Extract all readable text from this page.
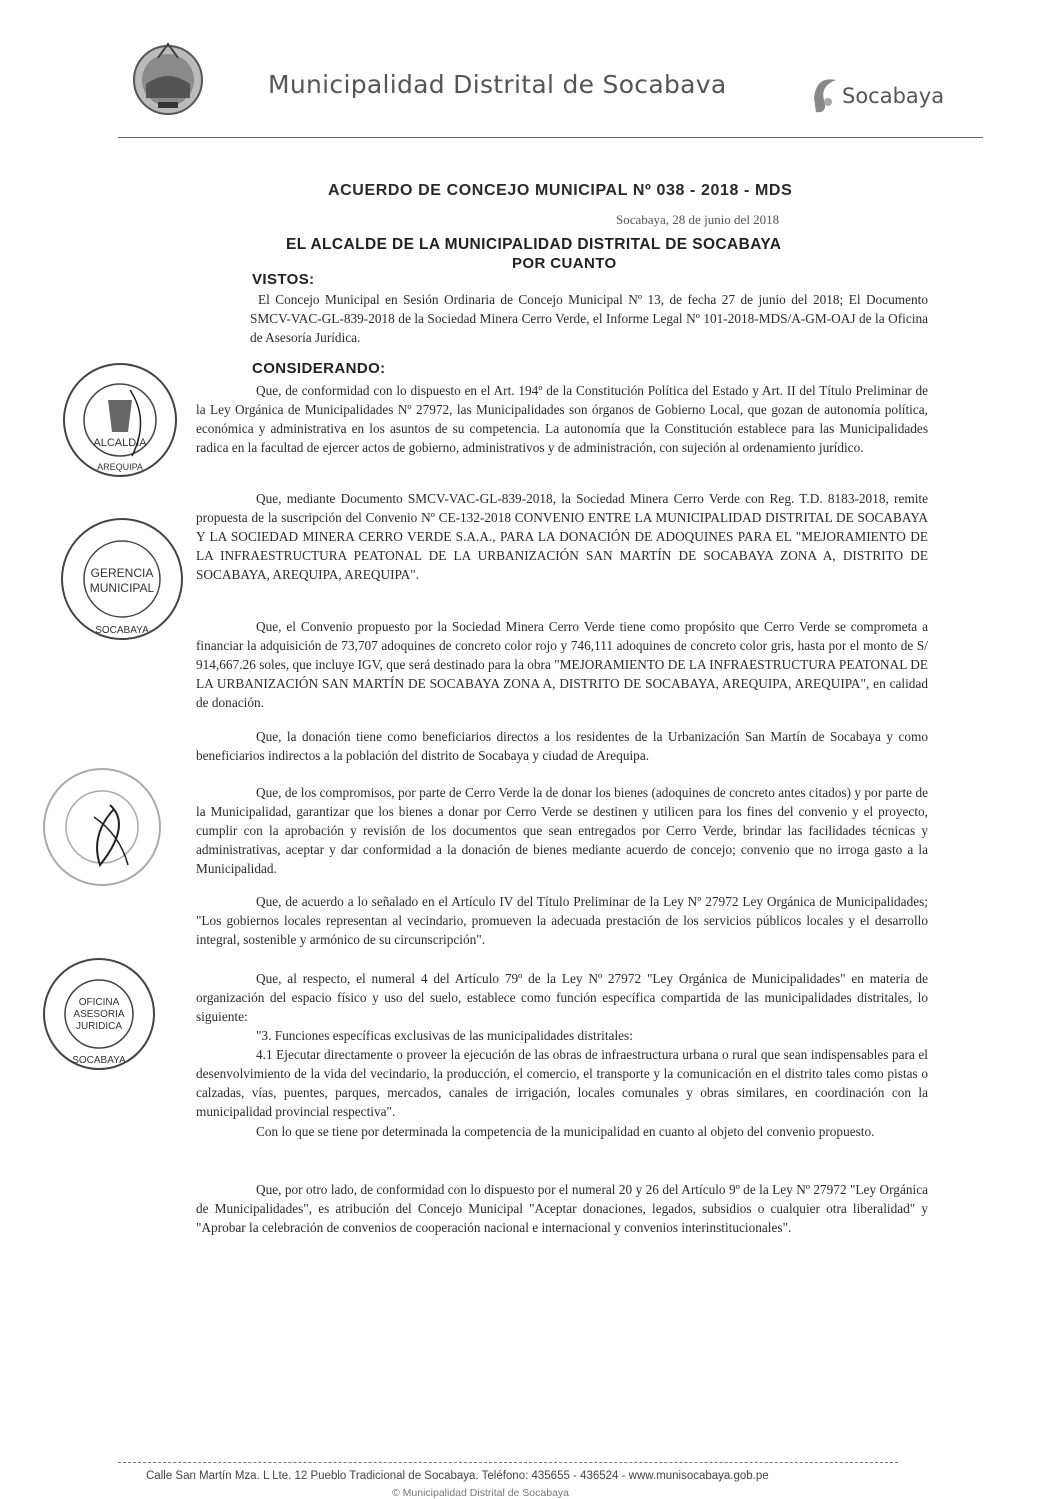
Municipalidad Distrital de Socabava	Socabaya
ACUERDO DE CONCEJO MUNICIPAL Nº 038 - 2018 - MDS
Socabaya, 28 de junio del 2018
EL ALCALDE DE LA MUNICIPALIDAD DISTRITAL DE SOCABAYA
POR CUANTO
VISTOS:
El Concejo Municipal en Sesión Ordinaria de Concejo Municipal Nº 13, de fecha 27 de junio del 2018; El Documento SMCV-VAC-GL-839-2018 de la Sociedad Minera Cerro Verde, el Informe Legal Nº 101-2018-MDS/A-GM-OAJ de la Oficina de Asesoría Jurídica.
CONSIDERANDO:
Que, de conformidad con lo dispuesto en el Art. 194º de la Constitución Política del Estado y Art. II del Título Preliminar de la Ley Orgánica de Municipalidades Nº 27972, las Municipalidades son órganos de Gobierno Local, que gozan de autonomía política, económica y administrativa en los asuntos de su competencia. La autonomía que la Constitución establece para las Municipalidades radica en la facultad de ejercer actos de gobierno, administrativos y de administración, con sujeción al ordenamiento jurídico.
Que, mediante Documento SMCV-VAC-GL-839-2018, la Sociedad Minera Cerro Verde con Reg. T.D. 8183-2018, remite propuesta de la suscripción del Convenio Nº CE-132-2018 CONVENIO ENTRE LA MUNICIPALIDAD DISTRITAL DE SOCABAYA Y LA SOCIEDAD MINERA CERRO VERDE S.A.A., PARA LA DONACIÓN DE ADOQUINES PARA EL "MEJORAMIENTO DE LA INFRAESTRUCTURA PEATONAL DE LA URBANIZACIÓN SAN MARTÍN DE SOCABAYA ZONA A, DISTRITO DE SOCABAYA, AREQUIPA, AREQUIPA".
Que, el Convenio propuesto por la Sociedad Minera Cerro Verde tiene como propósito que Cerro Verde se comprometa a financiar la adquisición de 73,707 adoquines de concreto color rojo y 746,111 adoquines de concreto color gris, hasta por el monto de S/ 914,667.26 soles, que incluye IGV, que será destinado para la obra "MEJORAMIENTO DE LA INFRAESTRUCTURA PEATONAL DE LA URBANIZACIÓN SAN MARTÍN DE SOCABAYA ZONA A, DISTRITO DE SOCABAYA, AREQUIPA, AREQUIPA", en calidad de donación.
Que, la donación tiene como beneficiarios directos a los residentes de la Urbanización San Martín de Socabaya y como beneficiarios indirectos a la población del distrito de Socabaya y ciudad de Arequipa.
Que, de los compromisos, por parte de Cerro Verde la de donar los bienes (adoquines de concreto antes citados) y por parte de la Municipalidad, garantizar que los bienes a donar por Cerro Verde se destinen y utilicen para los fines del convenio y el proyecto, cumplir con la aprobación y revisión de los documentos que sean entregados por Cerro Verde, brindar las facilidades técnicas y administrativas, aceptar y dar conformidad a la donación de bienes mediante acuerdo de concejo; convenio que no irroga gasto a la Municipalidad.
Que, de acuerdo a lo señalado en el Artículo IV del Título Preliminar de la Ley Nº 27972 Ley Orgánica de Municipalidades; "Los gobiernos locales representan al vecindario, promueven la adecuada prestación de los servicios públicos locales y el desarrollo integral, sostenible y armónico de su circunscripción".
Que, al respecto, el numeral 4 del Artículo 79º de la Ley Nº 27972 "Ley Orgánica de Municipalidades" en materia de organización del espacio físico y uso del suelo, establece como función específica compartida de las municipalidades distritales, lo siguiente:
"3. Funciones específicas exclusivas de las municipalidades distritales:
4.1 Ejecutar directamente o proveer la ejecución de las obras de infraestructura urbana o rural que sean indispensables para el desenvolvimiento de la vida del vecindario, la producción, el comercio, el transporte y la comunicación en el distrito tales como pistas o calzadas, vías, puentes, parques, mercados, canales de irrigación, locales comunales y obras similares, en coordinación con la municipalidad provincial respectiva".
Con lo que se tiene por determinada la competencia de la municipalidad en cuanto al objeto del convenio propuesto.
Que, por otro lado, de conformidad con lo dispuesto por el numeral 20 y 26 del Artículo 9º de la Ley Nº 27972 "Ley Orgánica de Municipalidades", es atribución del Concejo Municipal "Aceptar donaciones, legados, subsidios o cualquier otra liberalidad" y "Aprobar la celebración de convenios de cooperación nacional e internacional y convenios interinstitucionales".
ALCALDIA
AREQUIPA
GERENCIA
MUNICIPAL
SOCABAYA
OFICINA
ASESORIA
JURIDICA
SOCABAYA
Calle San Martín Mza. L Lte. 12 Pueblo Tradicional de Socabaya. Teléfono: 435655 - 436524 - www.munisocabaya.gob.pe
© Municipalidad Distrital de Socabaya
